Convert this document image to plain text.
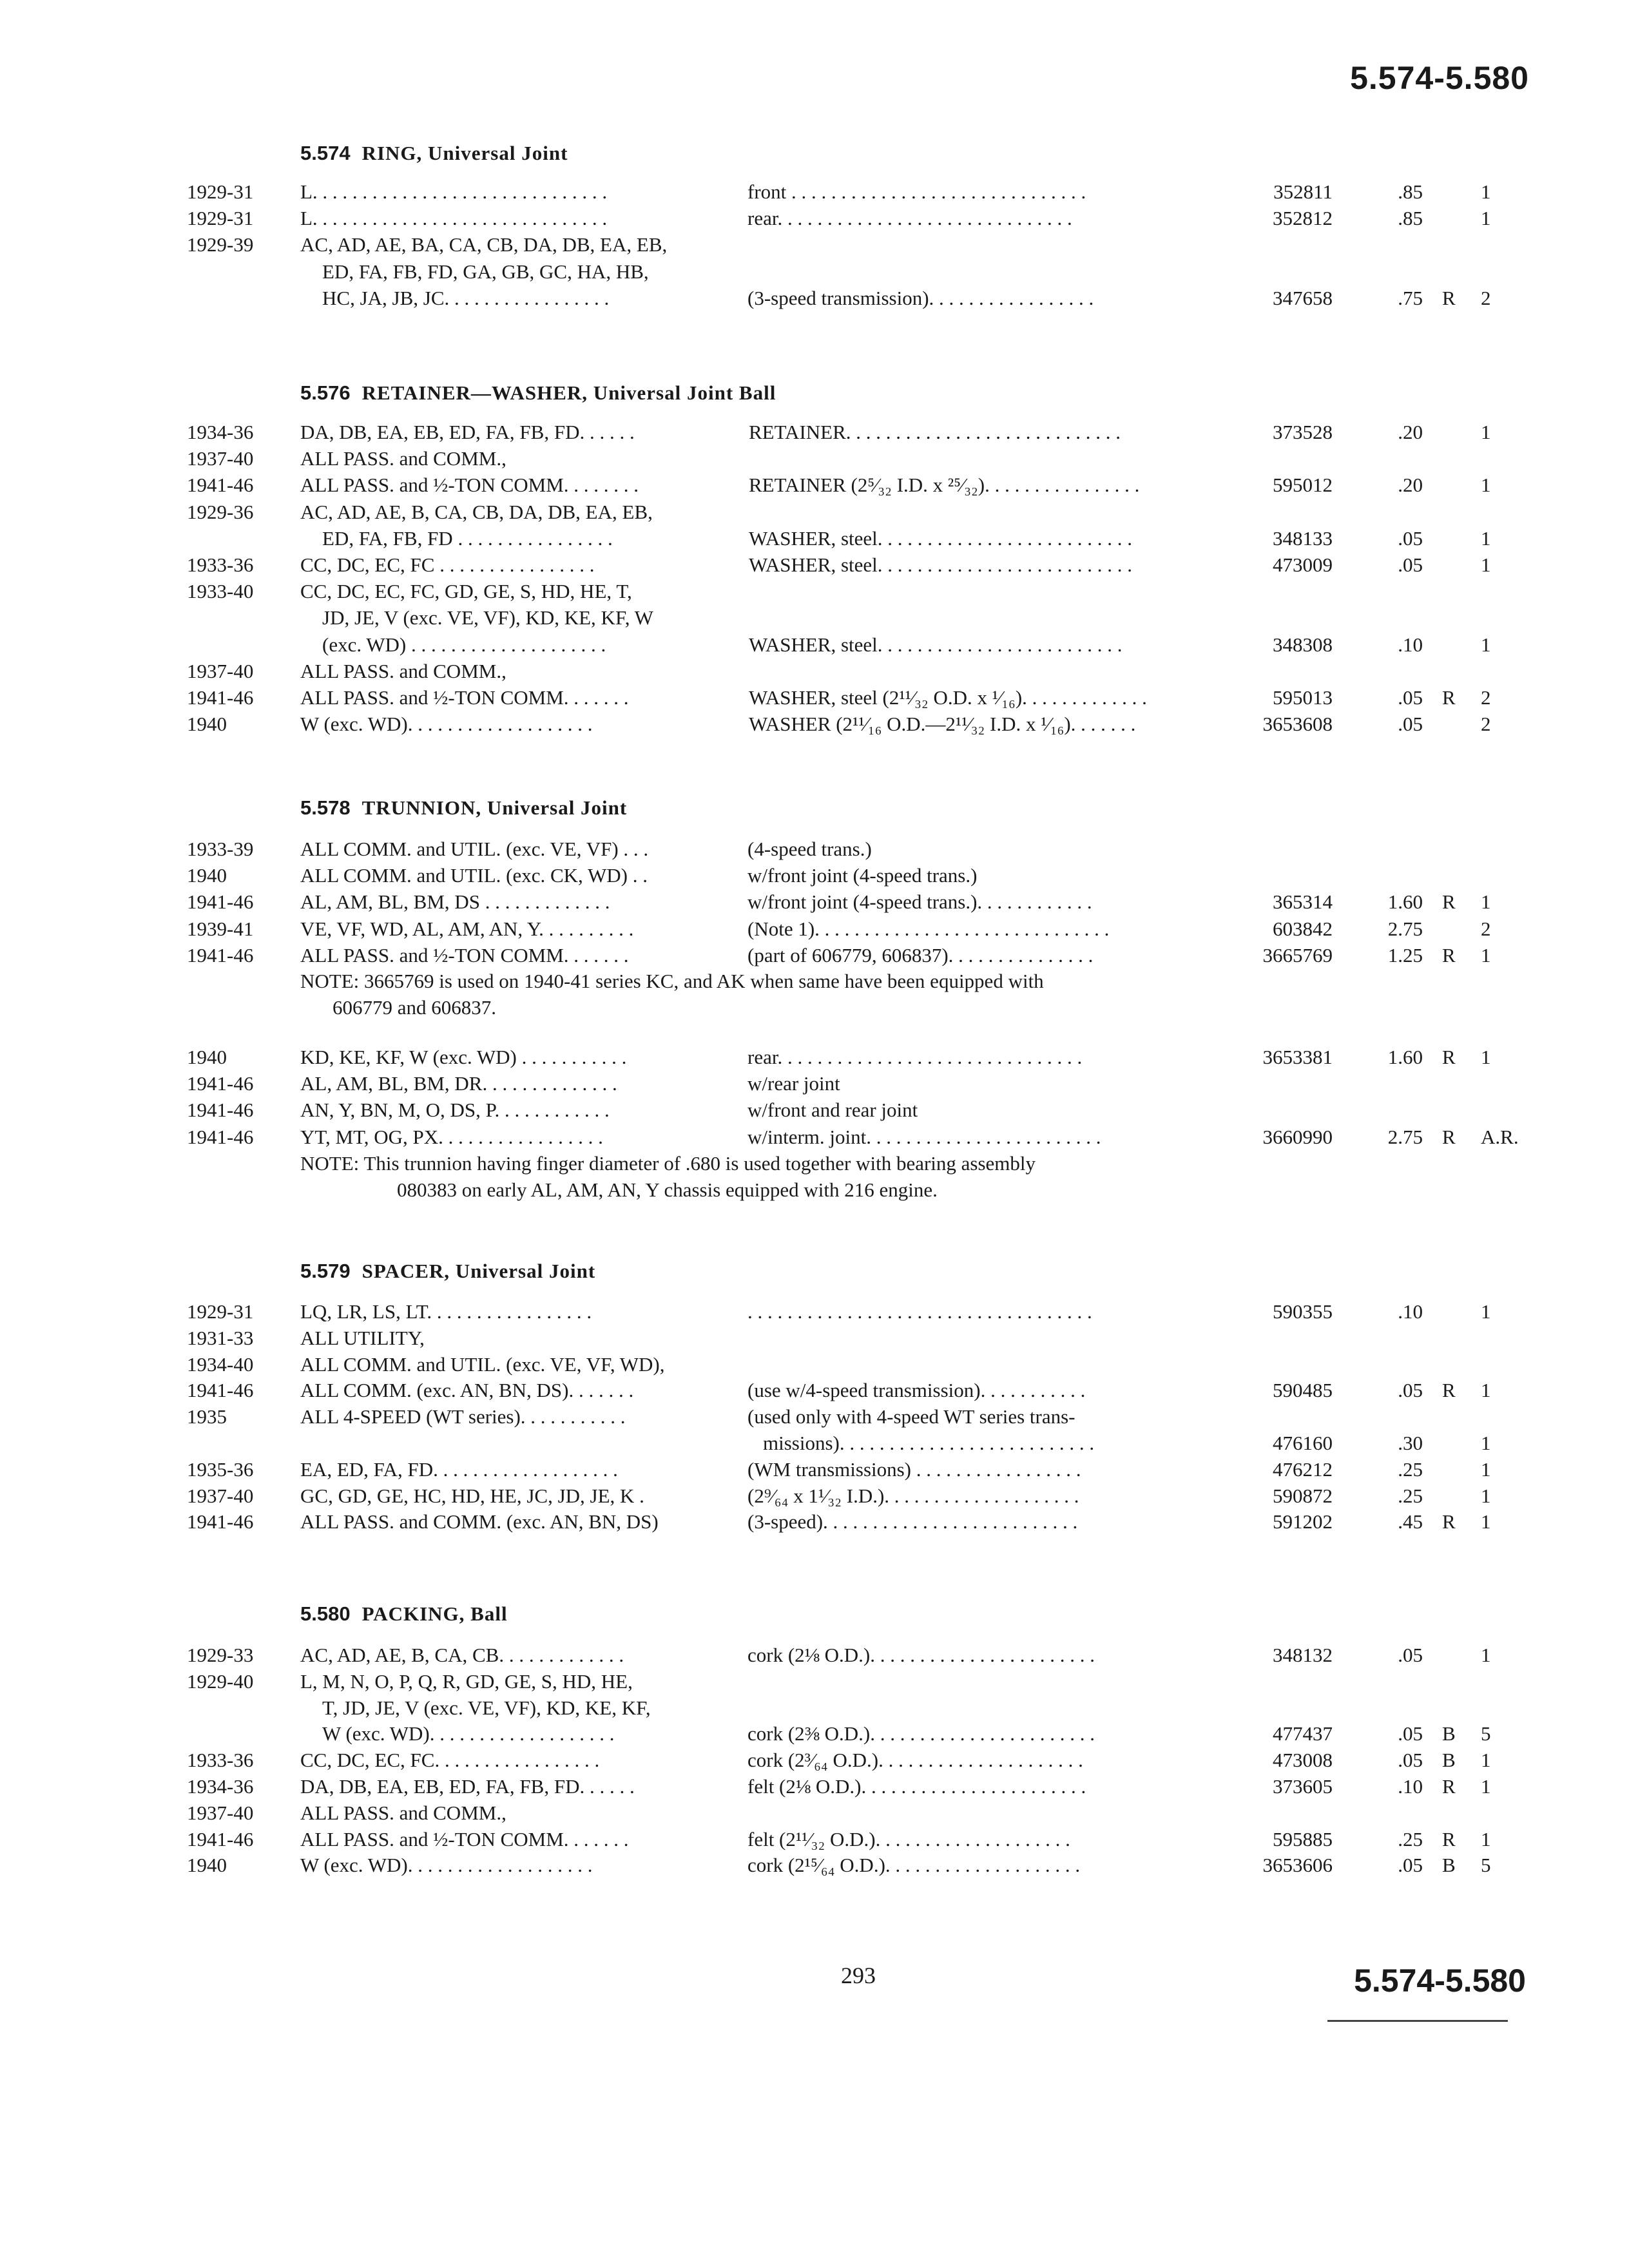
5.574-5.580
5.574 RING, Universal Joint
1929-31 L. . . . . . . . . . . . . . . . . . . . . . . . . . . . . .	front . . . . . . . . . . . . . . . . . . . . . . . . . . . . . .	352811	.85	1
1929-31 L. . . . . . . . . . . . . . . . . . . . . . . . . . . . . .	rear. . . . . . . . . . . . . . . . . . . . . . . . . . . . . .	352812	.85	1
1929-39 AC, AD, AE, BA, CA, CB, DA, DB, EA, EB,
ED, FA, FB, FD, GA, GB, GC, HA, HB,
HC, JA, JB, JC. . . . . . . . . . . . . . . . .	(3-speed transmission). . . . . . . . . . . . . . . . .	347658	.75 R 2
5.576 RETAINER—WASHER, Universal Joint Ball
1934-36 DA, DB, EA, EB, ED, FA, FB, FD. . . . . .	RETAINER. . . . . . . . . . . . . . . . . . . . . . . . . . . .	373528	.20	1
1937-40 ALL PASS. and COMM.,
1941-46 ALL PASS. and ½-TON COMM. . . . . . . .	RETAINER (2⁵⁄₃₂ I.D. x ²⁵⁄₃₂). . . . . . . . . . . . . . . .	595012	.20	1
1929-36 AC, AD, AE, B, CA, CB, DA, DB, EA, EB,
ED, FA, FB, FD . . . . . . . . . . . . . . . .	WASHER, steel. . . . . . . . . . . . . . . . . . . . . . . . . .	348133	.05	1
1933-36 CC, DC, EC, FC . . . . . . . . . . . . . . . .	WASHER, steel. . . . . . . . . . . . . . . . . . . . . . . . . .	473009	.05	1
1933-40 CC, DC, EC, FC, GD, GE, S, HD, HE, T,
JD, JE, V (exc. VE, VF), KD, KE, KF, W
(exc. WD) . . . . . . . . . . . . . . . . . . . .	WASHER, steel. . . . . . . . . . . . . . . . . . . . . . . . .	348308	.10	1
1937-40 ALL PASS. and COMM.,
1941-46 ALL PASS. and ½-TON COMM. . . . . . .	WASHER, steel (2¹¹⁄₃₂ O.D. x ¹⁄₁₆). . . . . . . . . . . . .	595013	.05 R 2
1940	W (exc. WD). . . . . . . . . . . . . . . . . . .	WASHER (2¹¹⁄₁₆ O.D.—2¹¹⁄₃₂ I.D. x ¹⁄₁₆). . . . . . .	3653608	.05	2
5.578 TRUNNION, Universal Joint
1933-39 ALL COMM. and UTIL. (exc. VE, VF) . . .	(4-speed trans.)
1940	ALL COMM. and UTIL. (exc. CK, WD) . .	w/front joint (4-speed trans.)
1941-46 AL, AM, BL, BM, DS . . . . . . . . . . . . .	w/front joint (4-speed trans.). . . . . . . . . . . .	365314	1.60 R 1
1939-41 VE, VF, WD, AL, AM, AN, Y. . . . . . . . . .	(Note 1). . . . . . . . . . . . . . . . . . . . . . . . . . . . . .	603842	2.75	2
1941-46 ALL PASS. and ½-TON COMM. . . . . . .	(part of 606779, 606837). . . . . . . . . . . . . . .	3665769	1.25 R 1
NOTE: 3665769 is used on 1940-41 series KC, and AK when same have been equipped with
606779 and 606837.
1940	KD, KE, KF, W (exc. WD) . . . . . . . . . . .	rear. . . . . . . . . . . . . . . . . . . . . . . . . . . . . . .	3653381	1.60 R 1
1941-46 AL, AM, BL, BM, DR. . . . . . . . . . . . . .	w/rear joint
1941-46 AN, Y, BN, M, O, DS, P. . . . . . . . . . . .	w/front and rear joint
1941-46 YT, MT, OG, PX. . . . . . . . . . . . . . . . .	w/interm. joint. . . . . . . . . . . . . . . . . . . . . . . .	3660990	2.75 R A.R.
NOTE: This trunnion having finger diameter of .680 is used together with bearing assembly
080383 on early AL, AM, AN, Y chassis equipped with 216 engine.
5.579 SPACER, Universal Joint
1929-31 LQ, LR, LS, LT. . . . . . . . . . . . . . . . .	. . . . . . . . . . . . . . . . . . . . . . . . . . . . . . . . . . .	590355	.10	1
1931-33 ALL UTILITY,
1934-40 ALL COMM. and UTIL. (exc. VE, VF, WD),
1941-46 ALL COMM. (exc. AN, BN, DS). . . . . . .	(use w/4-speed transmission). . . . . . . . . . .	590485	.05 R 1
1935	ALL 4-SPEED (WT series). . . . . . . . . . .	(used only with 4-speed WT series trans-
missions). . . . . . . . . . . . . . . . . . . . . . . . . .	476160	.30	1
1935-36 EA, ED, FA, FD. . . . . . . . . . . . . . . . . . .	(WM transmissions) . . . . . . . . . . . . . . . . .	476212	.25	1
1937-40 GC, GD, GE, HC, HD, HE, JC, JD, JE, K .	(2⁹⁄₆₄ x 1¹⁄₃₂ I.D.). . . . . . . . . . . . . . . . . . . .	590872	.25	1
1941-46 ALL PASS. and COMM. (exc. AN, BN, DS)	(3-speed). . . . . . . . . . . . . . . . . . . . . . . . . .	591202	.45 R 1
5.580 PACKING, Ball
1929-33 AC, AD, AE, B, CA, CB. . . . . . . . . . . . .	cork (2⅛ O.D.). . . . . . . . . . . . . . . . . . . . . . .	348132	.05	1
1929-40 L, M, N, O, P, Q, R, GD, GE, S, HD, HE,
T, JD, JE, V (exc. VE, VF), KD, KE, KF,
W (exc. WD). . . . . . . . . . . . . . . . . . .	cork (2⅜ O.D.). . . . . . . . . . . . . . . . . . . . . . .	477437	.05 B 5
1933-36 CC, DC, EC, FC. . . . . . . . . . . . . . . . .	cork (2³⁄₆₄ O.D.). . . . . . . . . . . . . . . . . . . . .	473008	.05 B 1
1934-36 DA, DB, EA, EB, ED, FA, FB, FD. . . . . .	felt (2⅛ O.D.). . . . . . . . . . . . . . . . . . . . . . .	373605	.10 R 1
1937-40 ALL PASS. and COMM.,
1941-46 ALL PASS. and ½-TON COMM. . . . . . .	felt (2¹¹⁄₃₂ O.D.). . . . . . . . . . . . . . . . . . . .	595885	.25 R 1
1940	W (exc. WD). . . . . . . . . . . . . . . . . . .	cork (2¹⁵⁄₆₄ O.D.). . . . . . . . . . . . . . . . . . . .	3653606	.05 B 5
293	5.574-5.580
